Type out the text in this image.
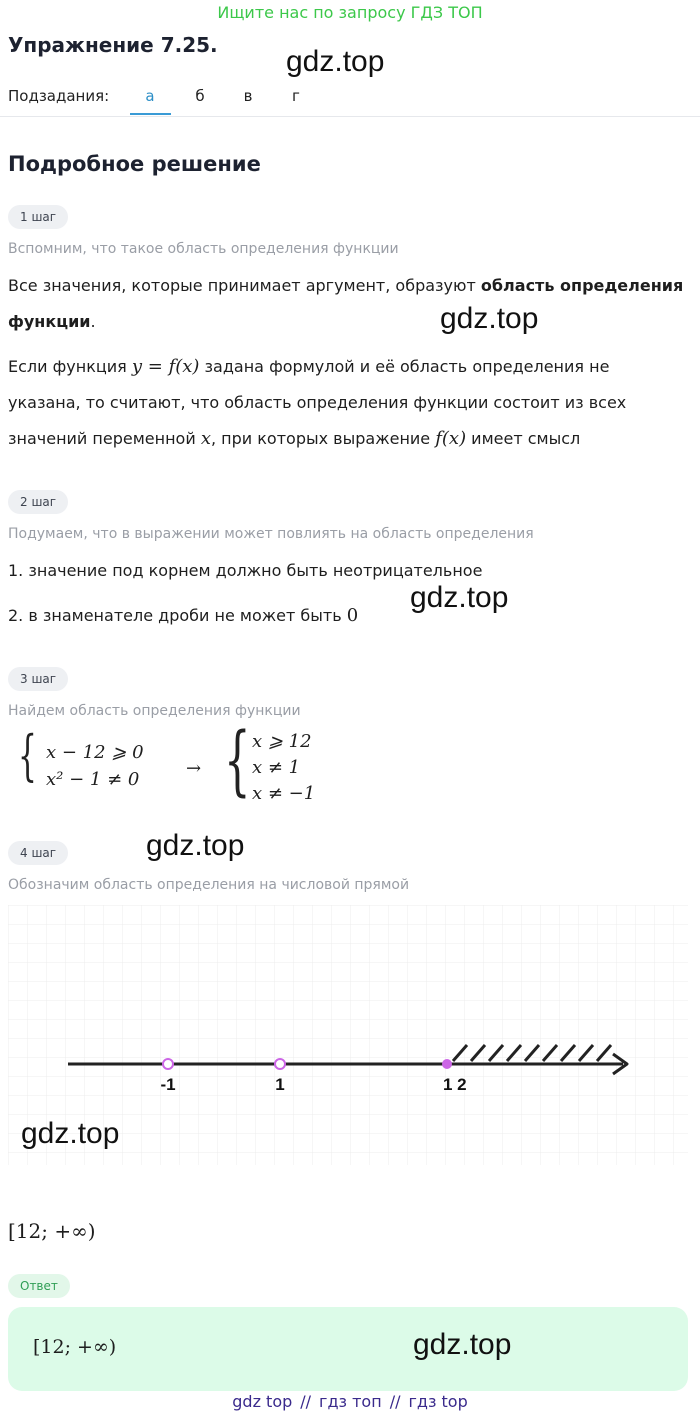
Ищите нас по запросу ГДЗ ТОП
Упражнение 7.25. gdz.top
Подзадания:	а	б	в	г
Подробное решение
1 шаг
Вспомним, что такое область определения функции
Все значения, которые принимает аргумент, образуют область определения
функции.	gdz.top
Если функция y = f(x) задана формулой и её область определения не
указана, то считают, что область определения функции состоит из всех
значений переменной x, при которых выражение f(x) имеет смысл
2 шаг
Подумаем, что в выражении может повлиять на область определения
1. значение под корнем должно быть неотрицательное
2. в знаменателе дроби не может быть 0
gdz.top
3 шаг
Найдем область определения функции
{ x − 12 ⩾ 0
x² − 1 ≠ 0
→ { x ⩾ 12
x ≠ 1
x ≠ −1
4 шаг	gdz.top
Обозначим область определения на числовой прямой
-1	1	1 2
gdz.top
[12; +∞)
Ответ
[12; +∞)	gdz.top
gdz top // гдз топ // гдз top
